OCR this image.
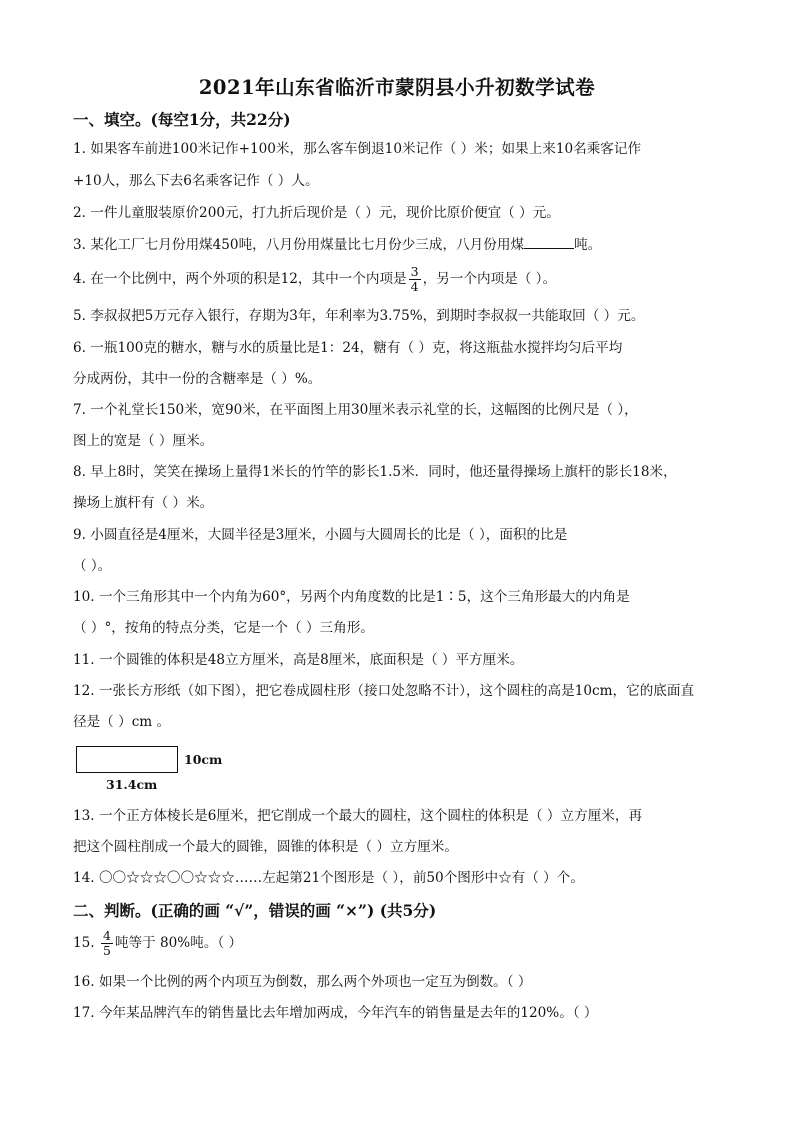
2021年山东省临沂市蒙阴县小升初数学试卷
一、填空。(每空1分，共22分)
1. 如果客车前进100米记作+100米，那么客车倒退10米记作（ ）米；如果上来10名乘客记作
+10人，那么下去6名乘客记作（ ）人。
2. 一件儿童服装原价200元，打九折后现价是（ ）元，现价比原价便宜（ ）元。
3. 某化工厂七月份用煤450吨，八月份用煤量比七月份少三成，八月份用煤	吨。
4. 在一个比例中，两个外项的积是12，其中一个内项是 $\frac{3}{4}$ ，另一个内项是（ ）。
5. 李叔叔把5万元存入银行，存期为3年，年利率为3.75%，到期时李叔叔一共能取回（ ）元。
6. 一瓶100克的糖水，糖与水的质量比是1：24，糖有（ ）克，将这瓶盐水搅拌均匀后平均
分成两份，其中一份的含糖率是（ ）%。
7. 一个礼堂长150米，宽90米，在平面图上用30厘米表示礼堂的长，这幅图的比例尺是（ ），
图上的宽是（ ）厘米。
8. 早上8时，笑笑在操场上量得1米长的竹竿的影长1.5米．同时，他还量得操场上旗杆的影长18米，
操场上旗杆有（ ）米。
9. 小圆直径是4厘米，大圆半径是3厘米，小圆与大圆周长的比是（ ），面积的比是
（ ）。
10. 一个三角形其中一个内角为60°，另两个内角度数的比是1∶5，这个三角形最大的内角是
（ ）°，按角的特点分类，它是一个（ ）三角形。
11. 一个圆锥的体积是48立方厘米，高是8厘米，底面积是（ ）平方厘米。
12. 一张长方形纸（如下图），把它卷成圆柱形（接口处忽略不计），这个圆柱的高是10cm，它的底面直
径是（ ）cm 。
10cm
31.4cm
13. 一个正方体棱长是6厘米，把它削成一个最大的圆柱，这个圆柱的体积是（ ）立方厘米，再
把这个圆柱削成一个最大的圆锥，圆锥的体积是（ ）立方厘米。
14. 〇〇☆☆☆〇〇☆☆☆……左起第21个图形是（ ），前50个图形中☆有（ ）个。
二、判断。(正确的画 “√”，错误的画 “×”) (共5分)
15. $\frac{4}{5}$ 吨等于 80%吨。（ ）
16. 如果一个比例的两个内项互为倒数，那么两个外项也一定互为倒数。（ ）
17. 今年某品牌汽车的销售量比去年增加两成，今年汽车的销售量是去年的120%。（ ）
